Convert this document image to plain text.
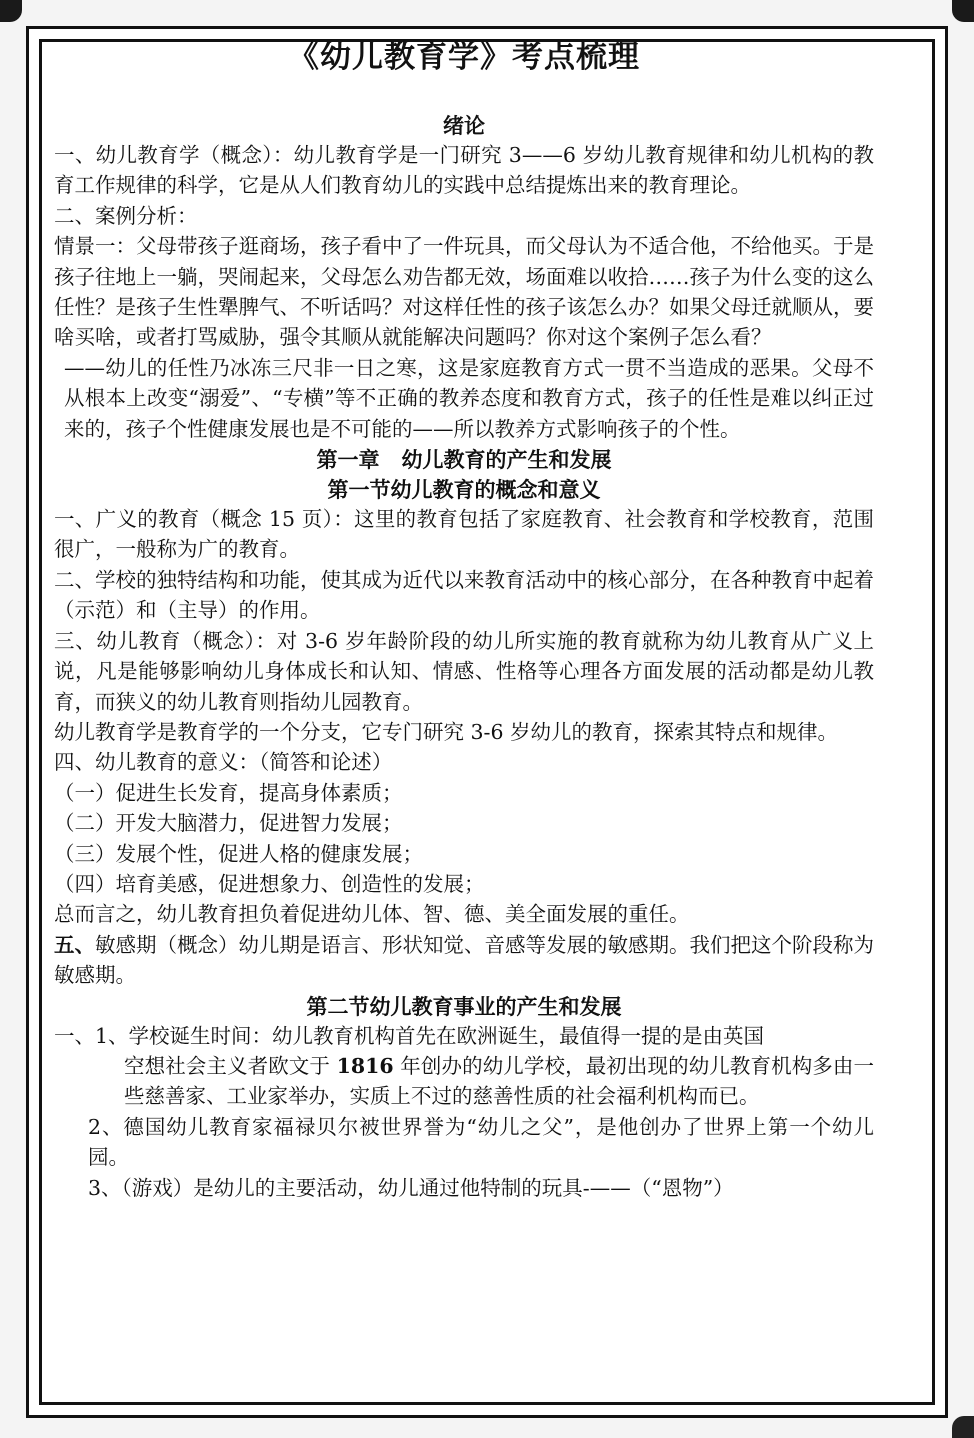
《幼儿教育学》考点梳理
绪论
一、幼儿教育学（概念）：幼儿教育学是一门研究 3——6 岁幼儿教育规律和幼儿机构的教育工作规律的科学，它是从人们教育幼儿的实践中总结提炼出来的教育理论。
二、案例分析：
情景一：父母带孩子逛商场，孩子看中了一件玩具，而父母认为不适合他，不给他买。于是孩子往地上一躺，哭闹起来，父母怎么劝告都无效，场面难以收拾……孩子为什么变的这么任性？是孩子生性犟脾气、不听话吗？对这样任性的孩子该怎么办？如果父母迁就顺从，要啥买啥，或者打骂威胁，强令其顺从就能解决问题吗？你对这个案例子怎么看？
——幼儿的任性乃冰冻三尺非一日之寒，这是家庭教育方式一贯不当造成的恶果。父母不从根本上改变“溺爱”、“专横”等不正确的教养态度和教育方式，孩子的任性是难以纠正过来的，孩子个性健康发展也是不可能的——所以教养方式影响孩子的个性。
第一章   幼儿教育的产生和发展
第一节幼儿教育的概念和意义
一、广义的教育（概念 15 页）：这里的教育包括了家庭教育、社会教育和学校教育，范围很广，一般称为广的教育。
二、学校的独特结构和功能，使其成为近代以来教育活动中的核心部分，在各种教育中起着（示范）和（主导）的作用。
三、幼儿教育（概念）：对 3-6 岁年龄阶段的幼儿所实施的教育就称为幼儿教育从广义上说，凡是能够影响幼儿身体成长和认知、情感、性格等心理各方面发展的活动都是幼儿教育，而狭义的幼儿教育则指幼儿园教育。
幼儿教育学是教育学的一个分支，它专门研究 3-6 岁幼儿的教育，探索其特点和规律。
四、幼儿教育的意义：（简答和论述）
（一）促进生长发育，提高身体素质；
（二）开发大脑潜力，促进智力发展；
（三）发展个性，促进人格的健康发展；
（四）培育美感，促进想象力、创造性的发展；
总而言之，幼儿教育担负着促进幼儿体、智、德、美全面发展的重任。
五、敏感期（概念）幼儿期是语言、形状知觉、音感等发展的敏感期。我们把这个阶段称为敏感期。
第二节幼儿教育事业的产生和发展
一、1、学校诞生时间：幼儿教育机构首先在欧洲诞生，最值得一提的是由英国
空想社会主义者欧文于 1816 年创办的幼儿学校，最初出现的幼儿教育机构多由一些慈善家、工业家举办，实质上不过的慈善性质的社会福利机构而已。
2、德国幼儿教育家福禄贝尔被世界誉为“幼儿之父”，是他创办了世界上第一个幼儿园。
3、（游戏）是幼儿的主要活动，幼儿通过他特制的玩具-——（“恩物”）
